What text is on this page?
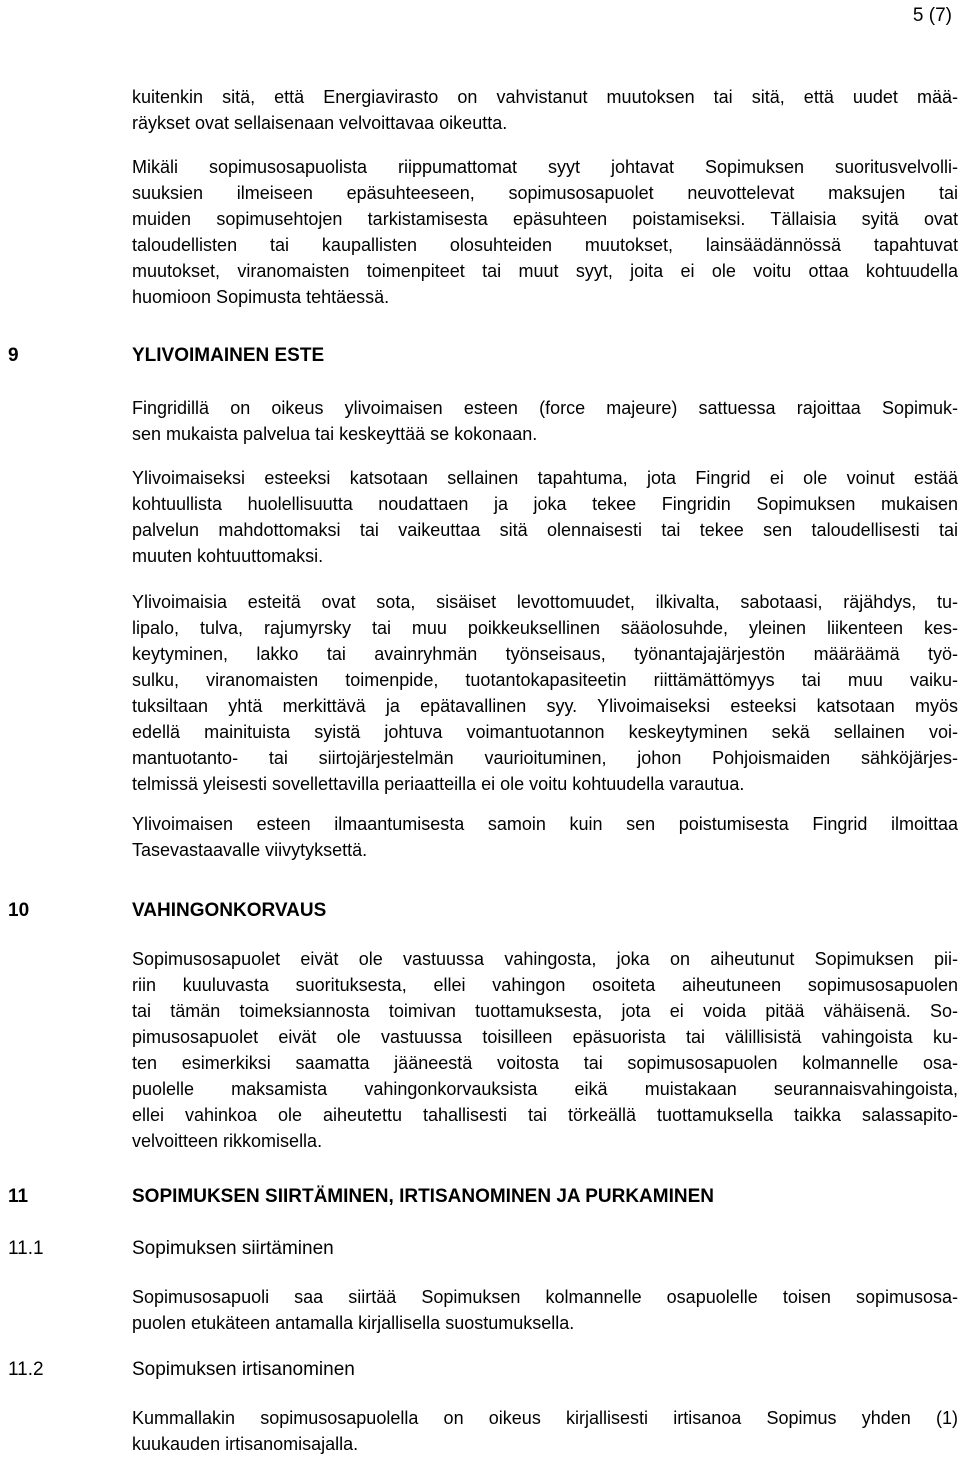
5 (7)
kuitenkin sitä, että Energiavirasto on vahvistanut muutoksen tai sitä, että uudet mää-
räykset ovat sellaisenaan velvoittavaa oikeutta.
Mikäli sopimusosapuolista riippumattomat syyt johtavat Sopimuksen suoritusvelvolli-
suuksien ilmeiseen epäsuhteeseen, sopimusosapuolet neuvottelevat maksujen tai
muiden sopimusehtojen tarkistamisesta epäsuhteen poistamiseksi. Tällaisia syitä ovat
taloudellisten tai kaupallisten olosuhteiden muutokset, lainsäädännössä tapahtuvat
muutokset, viranomaisten toimenpiteet tai muut syyt, joita ei ole voitu ottaa kohtuudella
huomioon Sopimusta tehtäessä.
9	YLIVOIMAINEN ESTE
Fingridillä on oikeus ylivoimaisen esteen (force majeure) sattuessa rajoittaa Sopimuk-
sen mukaista palvelua tai keskeyttää se kokonaan.
Ylivoimaiseksi esteeksi katsotaan sellainen tapahtuma, jota Fingrid ei ole voinut estää
kohtuullista huolellisuutta noudattaen ja joka tekee Fingridin Sopimuksen mukaisen
palvelun mahdottomaksi tai vaikeuttaa sitä olennaisesti tai tekee sen taloudellisesti tai
muuten kohtuuttomaksi.
Ylivoimaisia esteitä ovat sota, sisäiset levottomuudet, ilkivalta, sabotaasi, räjähdys, tu-
lipalo, tulva, rajumyrsky tai muu poikkeuksellinen sääolosuhde, yleinen liikenteen kes-
keytyminen, lakko tai avainryhmän työnseisaus, työnantajajärjestön määräämä työ-
sulku, viranomaisten toimenpide, tuotantokapasiteetin riittämättömyys tai muu vaiku-
tuksiltaan yhtä merkittävä ja epätavallinen syy. Ylivoimaiseksi esteeksi katsotaan myös
edellä mainituista syistä johtuva voimantuotannon keskeytyminen sekä sellainen voi-
mantuotanto- tai siirtojärjestelmän vaurioituminen, johon Pohjoismaiden sähköjärjes-
telmissä yleisesti sovellettavilla periaatteilla ei ole voitu kohtuudella varautua.
Ylivoimaisen esteen ilmaantumisesta samoin kuin sen poistumisesta Fingrid ilmoittaa
Tasevastaavalle viivytyksettä.
10	VAHINGONKORVAUS
Sopimusosapuolet eivät ole vastuussa vahingosta, joka on aiheutunut Sopimuksen pii-
riin kuuluvasta suorituksesta, ellei vahingon osoiteta aiheutuneen sopimusosapuolen
tai tämän toimeksiannosta toimivan tuottamuksesta, jota ei voida pitää vähäisenä. So-
pimusosapuolet eivät ole vastuussa toisilleen epäsuorista tai välillisistä vahingoista ku-
ten esimerkiksi saamatta jääneestä voitosta tai sopimusosapuolen kolmannelle osa-
puolelle maksamista vahingonkorvauksista eikä muistakaan seurannaisvahingoista,
ellei vahinkoa ole aiheutettu tahallisesti tai törkeällä tuottamuksella taikka salassapito-
velvoitteen rikkomisella.
11	SOPIMUKSEN SIIRTÄMINEN, IRTISANOMINEN JA PURKAMINEN
11.1	Sopimuksen siirtäminen
Sopimusosapuoli saa siirtää Sopimuksen kolmannelle osapuolelle toisen sopimusosa-
puolen etukäteen antamalla kirjallisella suostumuksella.
11.2	Sopimuksen irtisanominen
Kummallakin sopimusosapuolella on oikeus kirjallisesti irtisanoa Sopimus yhden (1)
kuukauden irtisanomisajalla.
